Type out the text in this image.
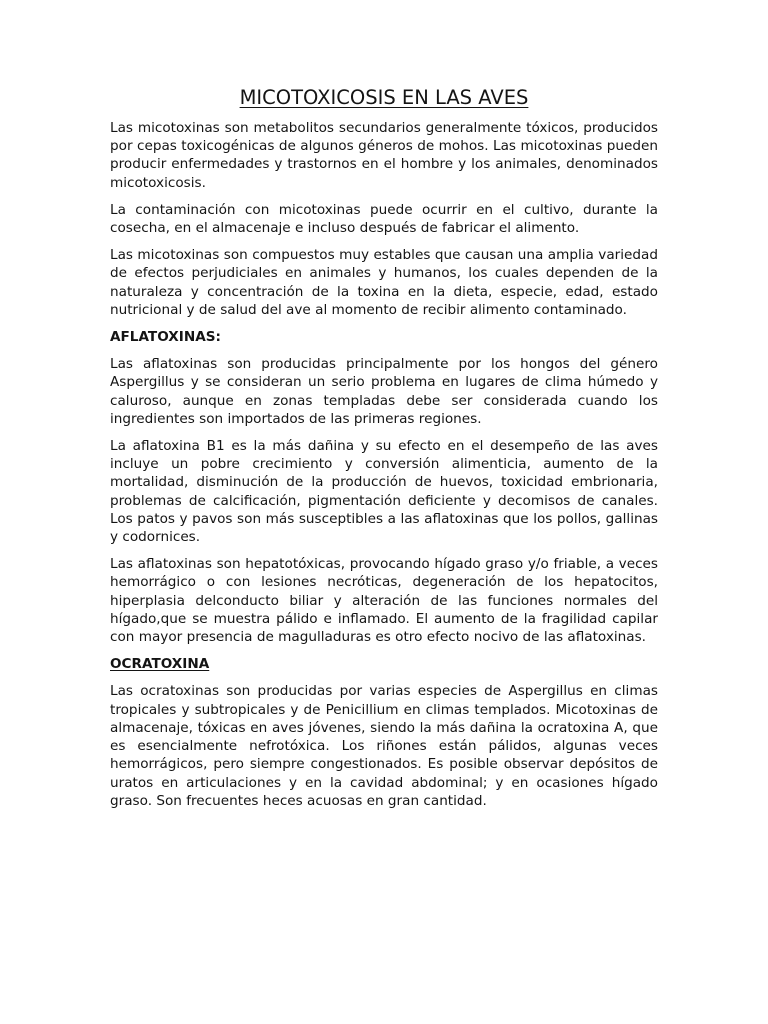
MICOTOXICOSIS EN LAS AVES

Las micotoxinas son metabolitos secundarios generalmente tóxicos, producidos por cepas toxicogénicas de algunos géneros de mohos. Las micotoxinas pueden producir enfermedades y trastornos en el hombre y los animales, denominados micotoxicosis.

La contaminación con micotoxinas puede ocurrir en el cultivo, durante la cosecha, en el almacenaje e incluso después de fabricar el alimento.

Las micotoxinas son compuestos muy estables que causan una amplia variedad de efectos perjudiciales en animales y humanos, los cuales dependen de la naturaleza y concentración de la toxina en la dieta, especie, edad, estado nutricional y de salud del ave al momento de recibir alimento contaminado.

AFLATOXINAS:

Las aflatoxinas son producidas principalmente por los hongos del género Aspergillus y se consideran un serio problema en lugares de clima húmedo y caluroso, aunque en zonas templadas debe ser considerada cuando los ingredientes son importados de las primeras regiones.

La aflatoxina B1 es la más dañina y su efecto en el desempeño de las aves incluye un pobre crecimiento y conversión alimenticia, aumento de la mortalidad, disminución de la producción de huevos, toxicidad embrionaria, problemas de calcificación, pigmentación deficiente y decomisos de canales. Los patos y pavos son más susceptibles a las aflatoxinas que los pollos, gallinas y codornices.

Las aflatoxinas son hepatotóxicas, provocando hígado graso y/o friable, a veces hemorrágico o con lesiones necróticas, degeneración de los hepatocitos, hiperplasia delconducto biliar y alteración de las funciones normales del hígado,que se muestra pálido e inflamado. El aumento de la fragilidad capilar con mayor presencia de magulladuras es otro efecto nocivo de las aflatoxinas.

OCRATOXINA

Las ocratoxinas son producidas por varias especies de Aspergillus en climas tropicales y subtropicales y de Penicillium en climas templados. Micotoxinas de almacenaje, tóxicas en aves jóvenes, siendo la más dañina la ocratoxina A, que es esencialmente nefrotóxica. Los riñones están pálidos, algunas veces hemorrágicos, pero siempre congestionados. Es posible observar depósitos de uratos en articulaciones y en la cavidad abdominal; y en ocasiones hígado graso. Son frecuentes heces acuosas en gran cantidad.
